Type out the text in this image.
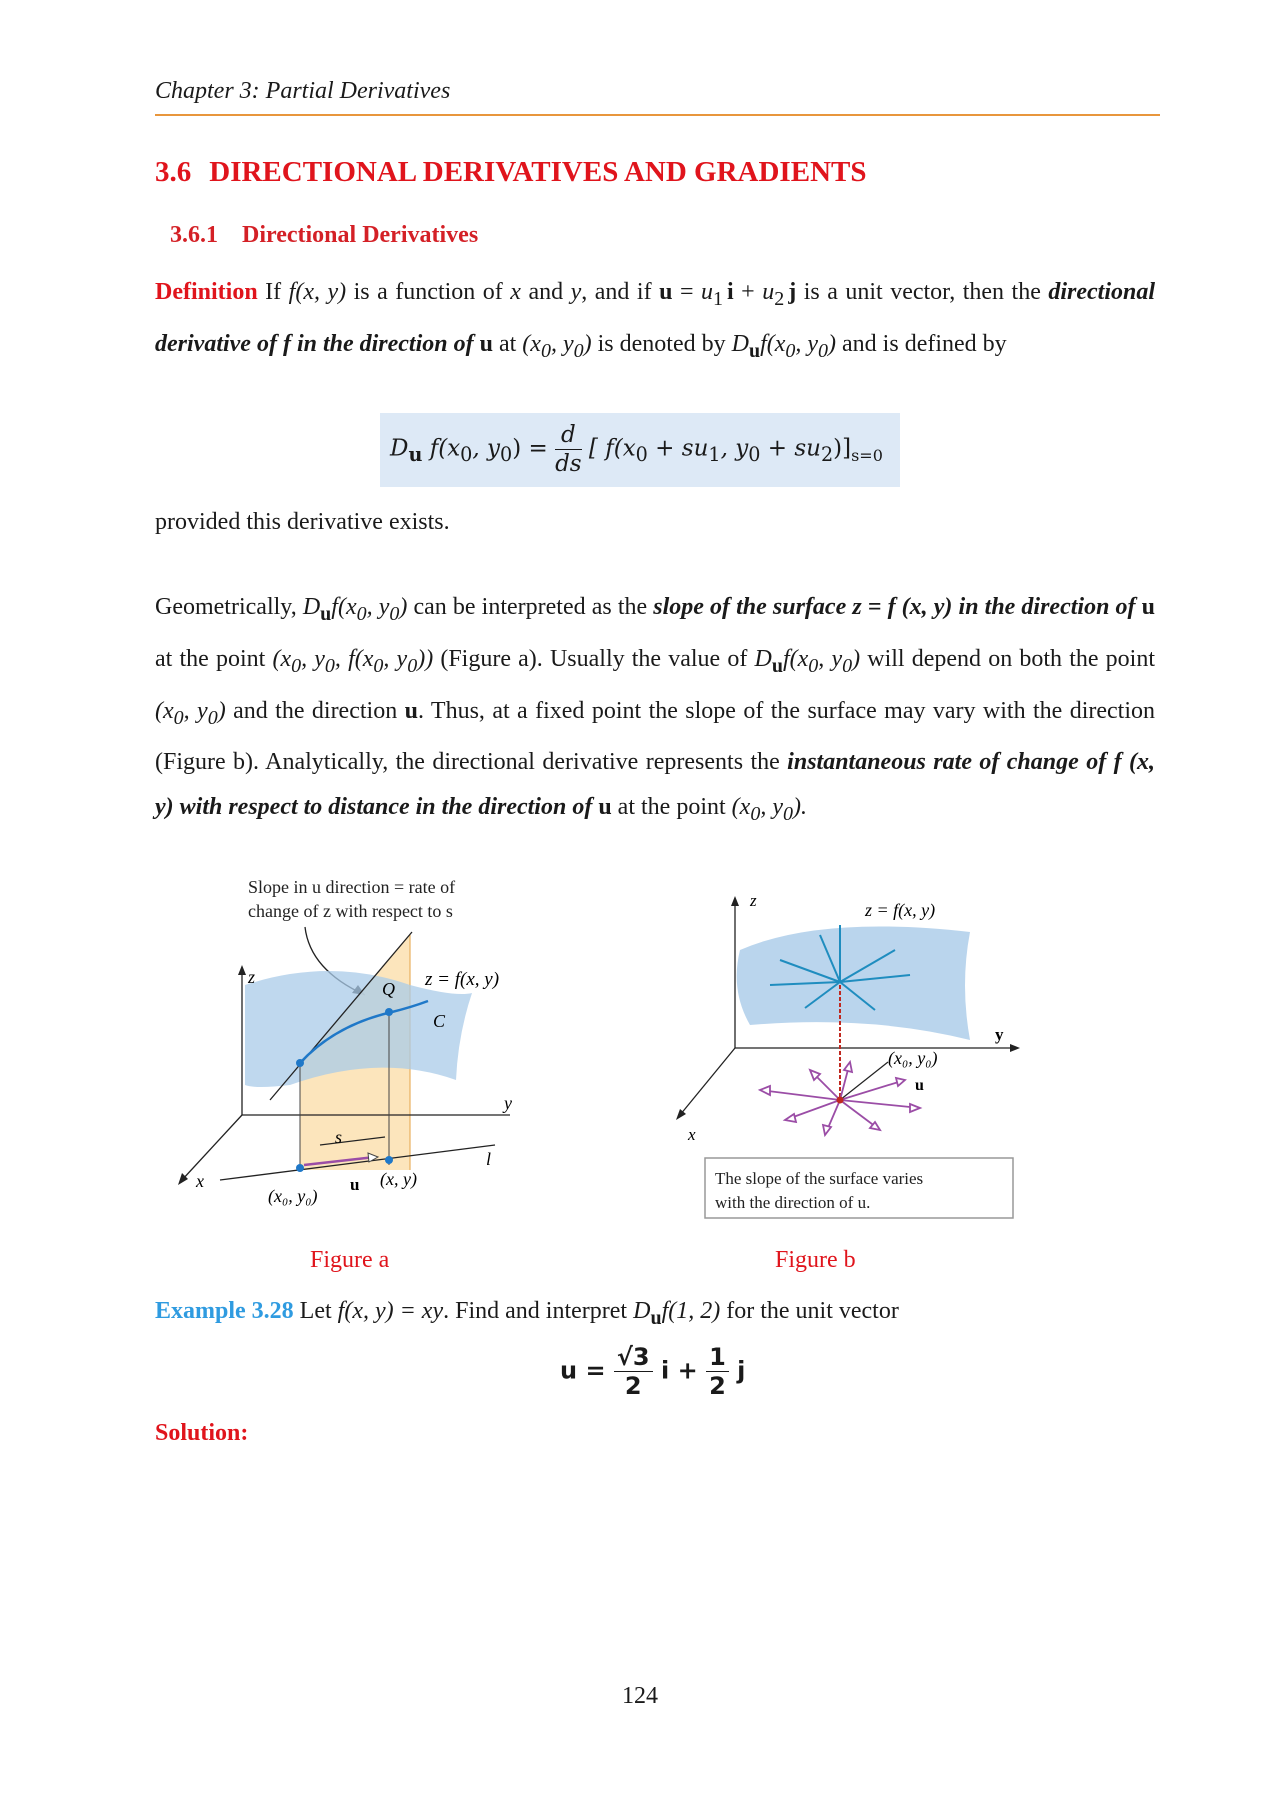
Chapter 3: Partial Derivatives
3.6 DIRECTIONAL DERIVATIVES AND GRADIENTS
3.6.1 Directional Derivatives
Definition If f(x, y) is a function of x and y, and if $u = u_1$ $i + u_2$ j is a unit vector, then the directional derivative of f in the direction of u at ($x_0$, $y_0$) is denoted by $D_uf(x_0$, $y_0$) and is defined by
$D_u$ $f(x_0$, $y_0) = \frac{d}{ds}$ [ $f(x_0 + su_1$, $y_0 + su_2)]_{s=0}$
provided this derivative exists.
Geometrically, $D_uf(x_0$, $y_0$) can be interpreted as the slope of the surface z = f (x, y) in the direction of u at the point ($x_0$, $y_0$, $f(x_0$, $y_0$)) (Figure a). Usually the value of $D_uf(x_0$, $y_0$) will depend on both the point ($x_0$, $y_0$) and the direction u. Thus, at a fixed point the slope of the surface may vary with the direction (Figure b). Analytically, the directional derivative represents the instantaneous rate of change of f (x, y) with respect to distance in the direction of u at the point ($x_0$, $y_0$).
Slope in u direction = rate of
change of z with respect to s
z
y
x
l
Q
C
z = f(x, y)
s
u (x, y)
(x₀, y₀)
z
y
x
z = f(x, y)
(x₀, y₀)
u
The slope of the surface varies
with the direction of u.
Figure a	Figure b
Example 3.28 Let f(x, y) = xy. Find and interpret $D_uf(1$, 2) for the unit vector
$u = \frac{√3}{2}$ $i + \frac{1}{2}$ j
Solution:
124
